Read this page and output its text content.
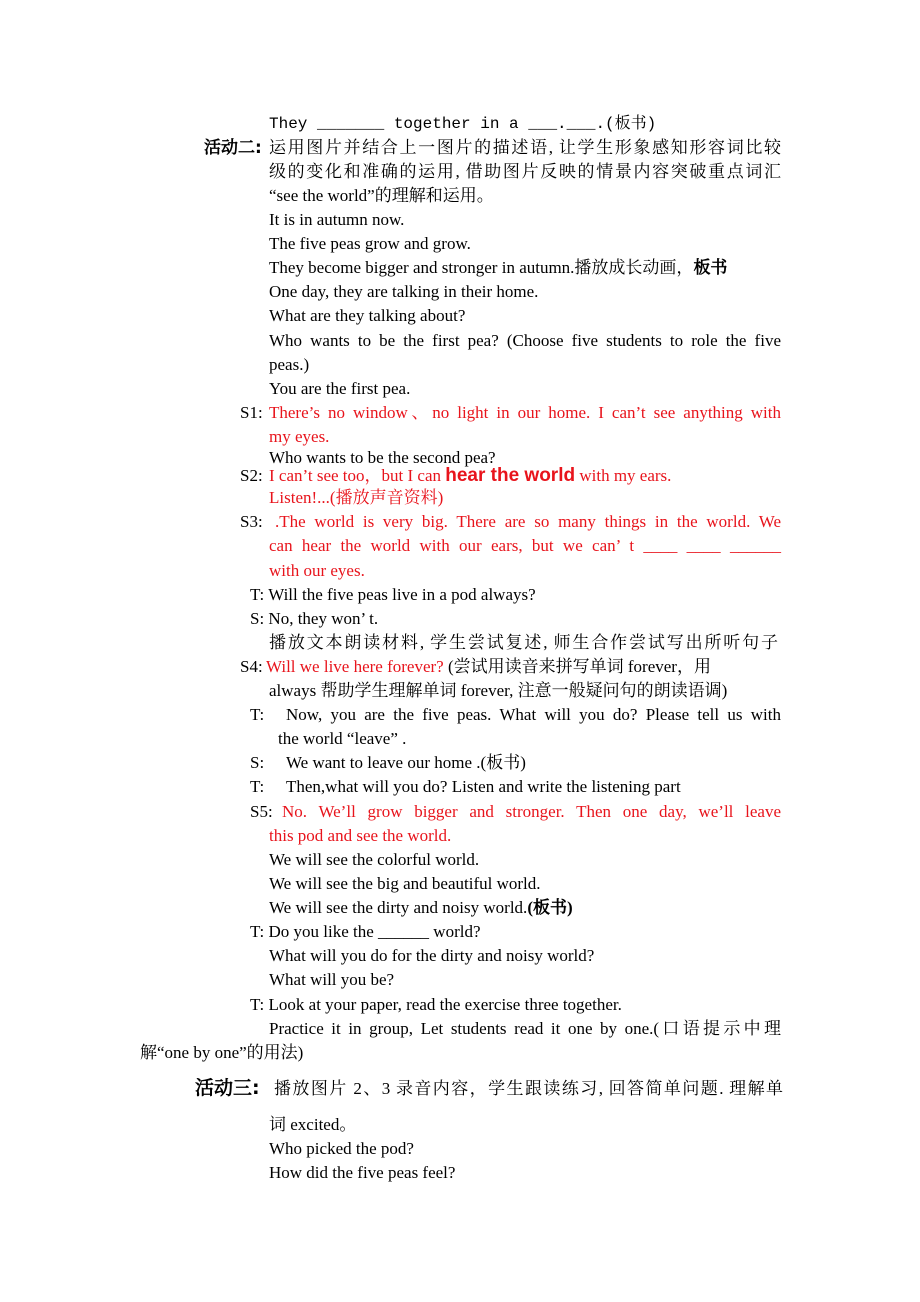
They _______ together in a ___.___.(板书)
活动二: 运用图片并结合上一图片的描述语, 让学生形象感知形容词比较
级的变化和准确的运用, 借助图片反映的情景内容突破重点词汇
“see the world”的理解和运用。
It is in autumn now.
The five peas grow and grow.
They become bigger and stronger in autumn.播放成长动画，板书
One day, they are talking in their home.
What are they talking about?
Who wants to be the first pea? (Choose five students to role the five
peas.)
You are the first pea.
S1: There’s no window、no light in our home. I can’t see anything with
my eyes.
Who wants to be the second pea?
S2: I can’t see too，but I can hear the world with my ears.
Listen!...(播放声音资料)
S3: .The world is very big. There are so many things in the world. We
can hear the world with our ears, but we can’ t ____ ____ ______
with our eyes.
T: Will the five peas live in a pod always?
S: No, they won’ t.
播放文本朗读材料, 学生尝试复述, 师生合作尝试写出所听句子
S4: Will we live here forever? (尝试用读音来拼写单词 forever，用
always 帮助学生理解单词 forever, 注意一般疑问句的朗读语调)
T: Now, you are the five peas. What will you do? Please tell us with
the world “leave” .
S: We want to leave our home .(板书)
T: Then,what will you do? Listen and write the listening part
S5: No. We’ll grow bigger and stronger. Then one day, we’ll leave
this pod and see the world.
We will see the colorful world.
We will see the big and beautiful world.
We will see the dirty and noisy world.(板书)
T: Do you like the ______ world?
What will you do for the dirty and noisy world?
What will you be?
T: Look at your paper, read the exercise three together.
Practice it in group, Let students read it one by one.(口语提示中理
解“one by one”的用法)
活动三: 播放图片 2、3 录音内容，学生跟读练习, 回答简单问题. 理解单
词 excited。
Who picked the pod?
How did the five peas feel?
